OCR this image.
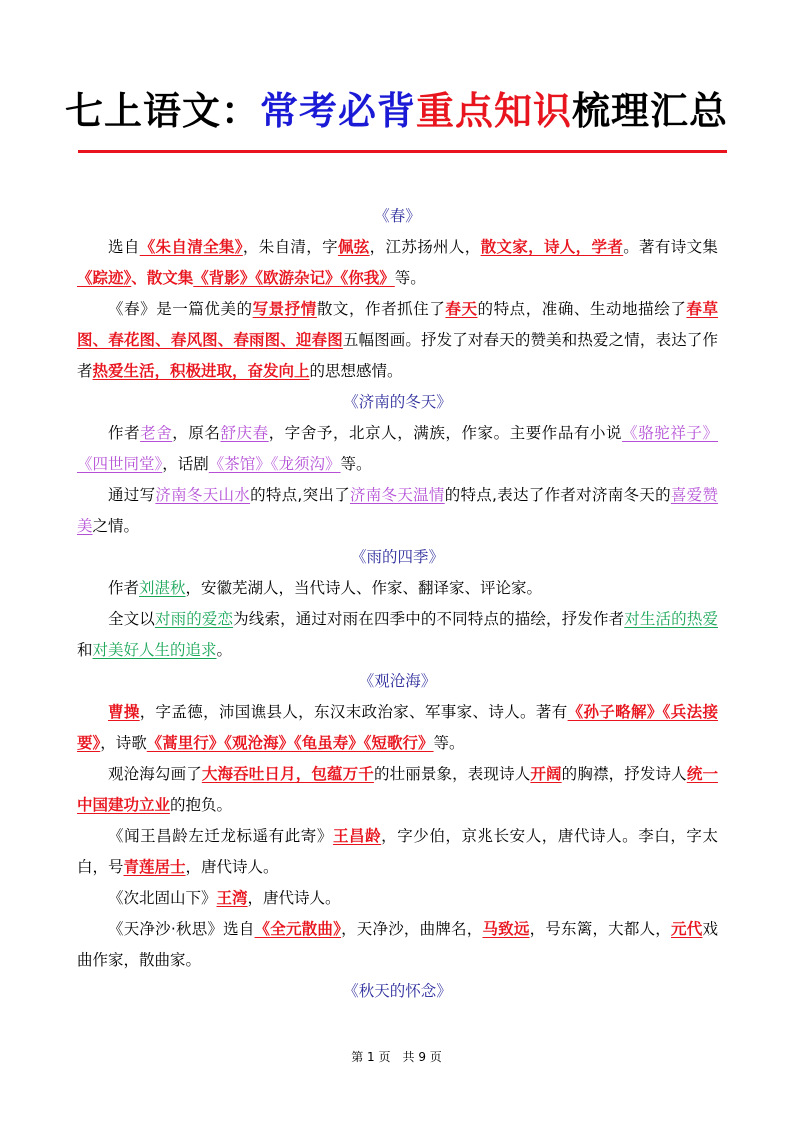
七上语文：常考必背重点知识梳理汇总
《春》
选自《朱自清全集》，朱自清，字佩弦，江苏扬州人，散文家，诗人，学者。著有诗文集《踪迹》、散文集《背影》《欧游杂记》《你我》等。
《春》是一篇优美的写景抒情散文，作者抓住了春天的特点，准确、生动地描绘了春草图、春花图、春风图、春雨图、迎春图五幅图画。抒发了对春天的赞美和热爱之情，表达了作者热爱生活，积极进取，奋发向上的思想感情。
《济南的冬天》
作者老舍，原名舒庆春，字舍予，北京人，满族，作家。主要作品有小说《骆驼祥子》《四世同堂》，话剧《茶馆》《龙须沟》等。
通过写济南冬天山水的特点,突出了济南冬天温情的特点,表达了作者对济南冬天的喜爱赞美之情。
《雨的四季》
作者刘湛秋，安徽芜湖人，当代诗人、作家、翻译家、评论家。
全文以对雨的爱恋为线索，通过对雨在四季中的不同特点的描绘，抒发作者对生活的热爱和对美好人生的追求。
《观沧海》
曹操，字孟德，沛国谯县人，东汉末政治家、军事家、诗人。著有《孙子略解》《兵法接要》，诗歌《蒿里行》《观沧海》《龟虽寿》《短歌行》等。
观沧海勾画了大海吞吐日月，包蕴万千的壮丽景象，表现诗人开阔的胸襟，抒发诗人统一中国建功立业的抱负。
《闻王昌龄左迁龙标遥有此寄》王昌龄，字少伯，京兆长安人，唐代诗人。李白，字太白，号青莲居士，唐代诗人。
《次北固山下》王湾，唐代诗人。
《天净沙·秋思》选自《全元散曲》，天净沙，曲牌名，马致远，号东篱，大都人，元代戏曲作家，散曲家。
《秋天的怀念》
第 1 页　共 9 页
